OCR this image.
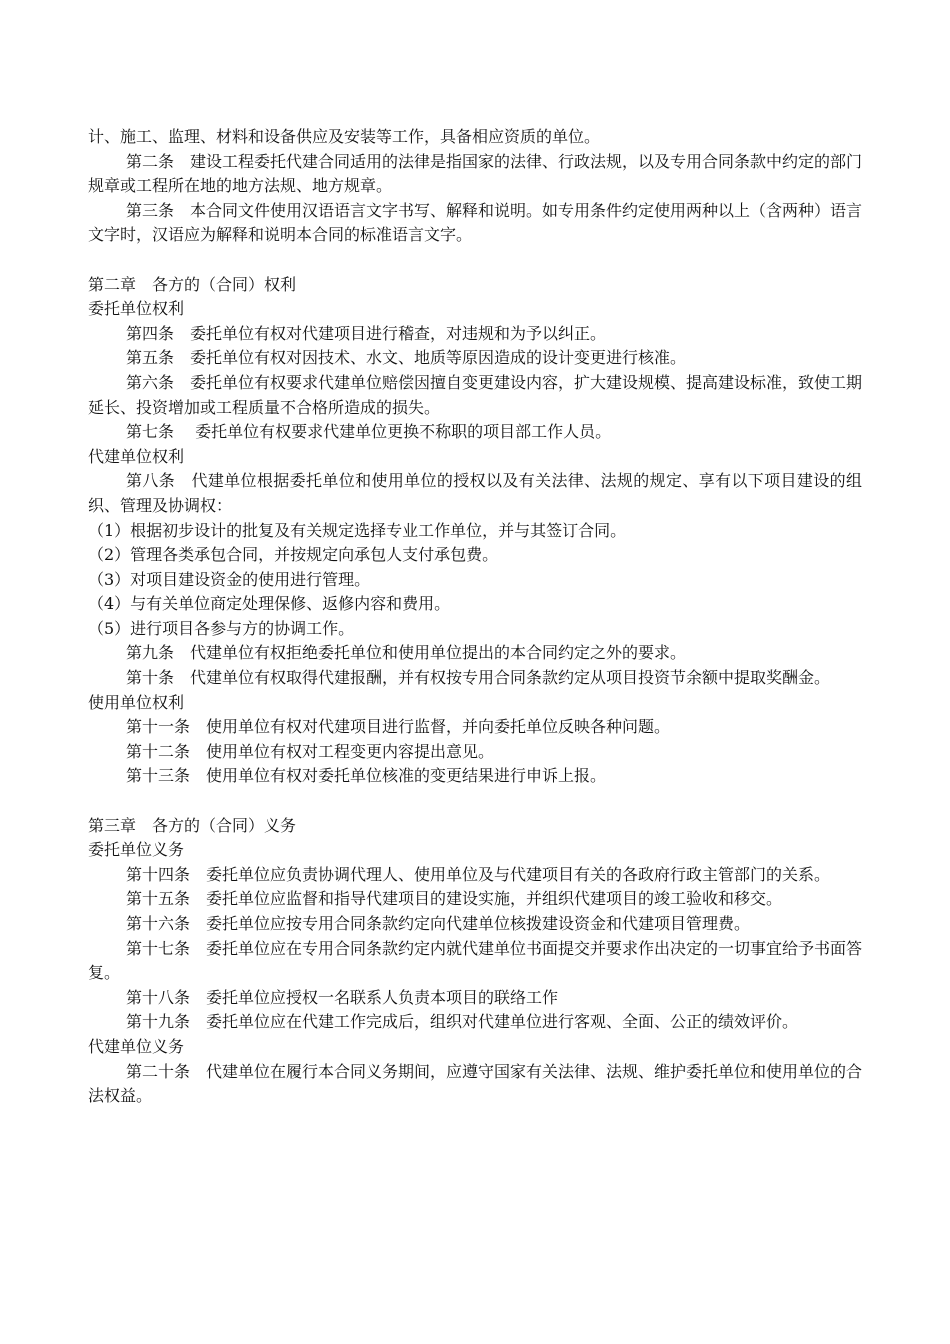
计、施工、监理、材料和设备供应及安装等工作，具备相应资质的单位。

第二条　建设工程委托代建合同适用的法律是指国家的法律、行政法规，以及专用合同条款中约定的部门规章或工程所在地的地方法规、地方规章。

第三条　本合同文件使用汉语语言文字书写、解释和说明。如专用条件约定使用两种以上（含两种）语言文字时，汉语应为解释和说明本合同的标准语言文字。

第二章　各方的（合同）权利

委托单位权利

第四条　委托单位有权对代建项目进行稽查，对违规和为予以纠正。

第五条　委托单位有权对因技术、水文、地质等原因造成的设计变更进行核准。

第六条　委托单位有权要求代建单位赔偿因擅自变更建设内容，扩大建设规模、提高建设标准，致使工期延长、投资增加或工程质量不合格所造成的损失。

第七条　 委托单位有权要求代建单位更换不称职的项目部工作人员。

代建单位权利

第八条　代建单位根据委托单位和使用单位的授权以及有关法律、法规的规定、享有以下项目建设的组织、管理及协调权：

（1）根据初步设计的批复及有关规定选择专业工作单位，并与其签订合同。

（2）管理各类承包合同，并按规定向承包人支付承包费。

（3）对项目建设资金的使用进行管理。

（4）与有关单位商定处理保修、返修内容和费用。

（5）进行项目各参与方的协调工作。

第九条　代建单位有权拒绝委托单位和使用单位提出的本合同约定之外的要求。

第十条　代建单位有权取得代建报酬，并有权按专用合同条款约定从项目投资节余额中提取奖酬金。

使用单位权利

第十一条　使用单位有权对代建项目进行监督，并向委托单位反映各种问题。

第十二条　使用单位有权对工程变更内容提出意见。

第十三条　使用单位有权对委托单位核准的变更结果进行申诉上报。

第三章　各方的（合同）义务

委托单位义务

第十四条　委托单位应负责协调代理人、使用单位及与代建项目有关的各政府行政主管部门的关系。

第十五条　委托单位应监督和指导代建项目的建设实施，并组织代建项目的竣工验收和移交。

第十六条　委托单位应按专用合同条款约定向代建单位核拨建设资金和代建项目管理费。

第十七条　委托单位应在专用合同条款约定内就代建单位书面提交并要求作出决定的一切事宜给予书面答复。

第十八条　委托单位应授权一名联系人负责本项目的联络工作

第十九条　委托单位应在代建工作完成后，组织对代建单位进行客观、全面、公正的绩效评价。

代建单位义务

第二十条　代建单位在履行本合同义务期间，应遵守国家有关法律、法规、维护委托单位和使用单位的合法权益。
